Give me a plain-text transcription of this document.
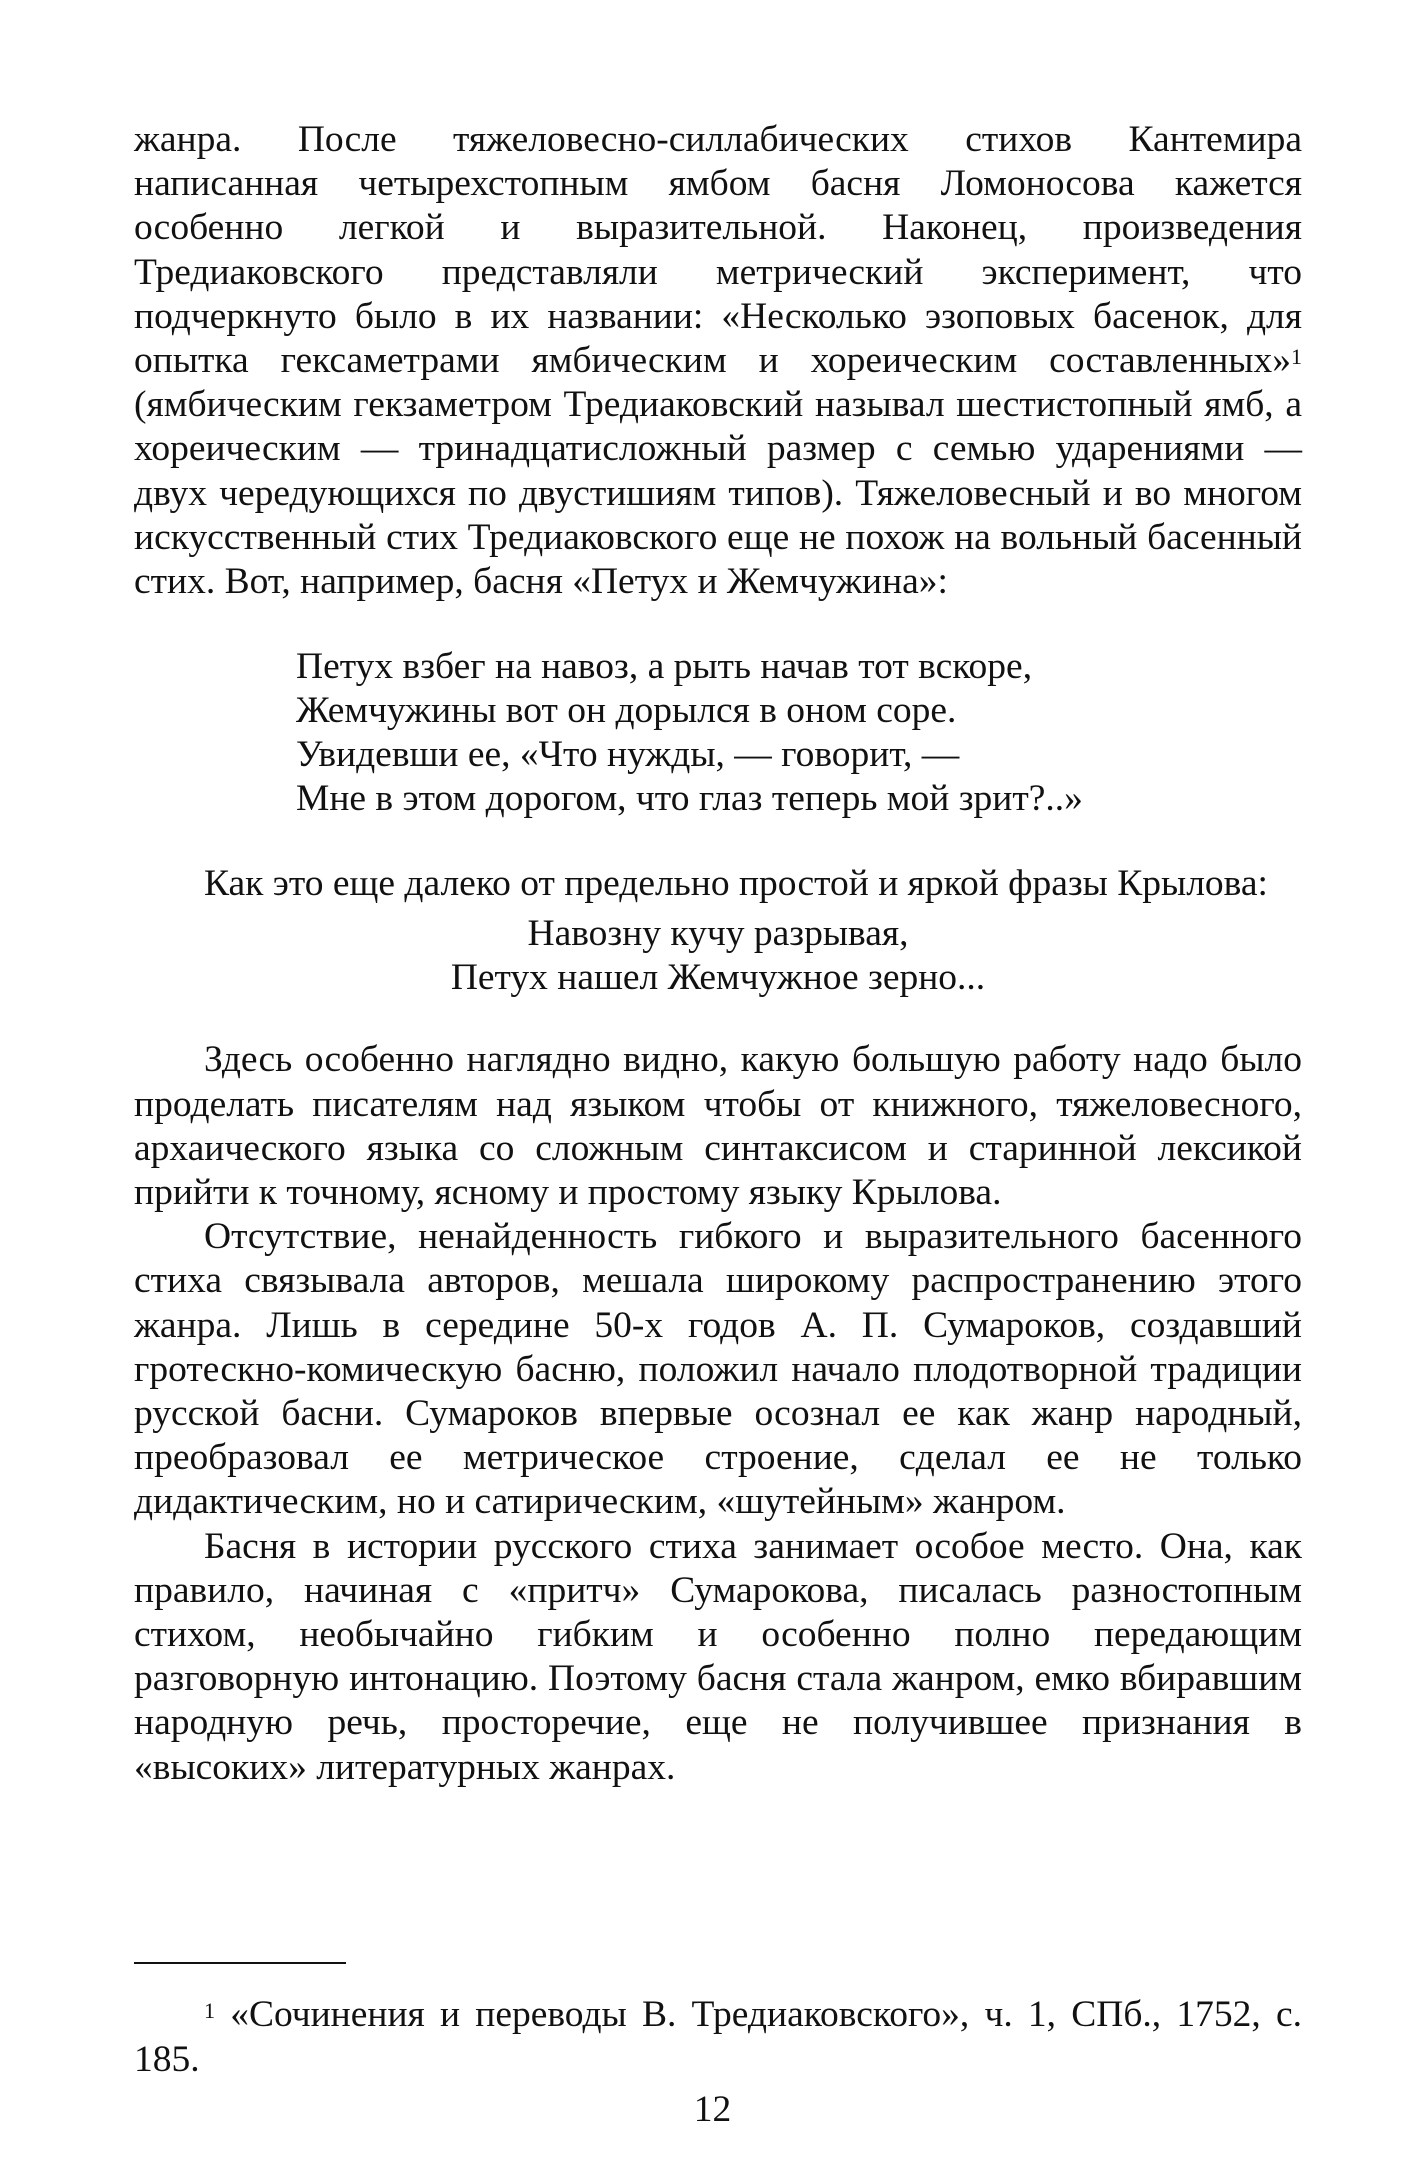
жанра. После тяжеловесно-силлабических стихов Кантемира написанная четырехстопным ямбом басня Ломоносова кажется особенно легкой и выразительной. Наконец, произведения Тредиаковского представляли метрический эксперимент, что подчеркнуто было в их названии: «Несколько эзоповых басенок, для опытка гексаметрами ямбическим и хореическим составленных»$^1$ (ямбическим гекзаметром Тредиаковский называл шестистопный ямб, а хореическим — тринадцатисложный размер с семью ударениями — двух чередующихся по двустишиям типов). Тяжеловесный и во многом искусственный стих Тредиаковского еще не похож на вольный басенный стих. Вот, например, басня «Петух и Жемчужина»:

Петух взбег на навоз, а рыть начав тот вскоре,
Жемчужины вот он дорылся в оном соре.
Увидевши ее, «Что нужды, — говорит, —
Мне в этом дорогом, что глаз теперь мой зрит?..»

Как это еще далеко от предельно простой и яркой фразы Крылова:

Навозну кучу разрывая,
Петух нашел Жемчужное зерно...

Здесь особенно наглядно видно, какую большую работу надо было проделать писателям над языком чтобы от книжного, тяжеловесного, архаического языка со сложным синтаксисом и старинной лексикой прийти к точному, ясному и простому языку Крылова.

Отсутствие, ненайденность гибкого и выразительного басенного стиха связывала авторов, мешала широкому распространению этого жанра. Лишь в середине 50-х годов А. П. Сумароков, создавший гротескно-комическую басню, положил начало плодотворной традиции русской басни. Сумароков впервые осознал ее как жанр народный, преобразовал ее метрическое строение, сделал ее не только дидактическим, но и сатирическим, «шутейным» жанром.

Басня в истории русского стиха занимает особое место. Она, как правило, начиная с «притч» Сумарокова, писалась разностопным стихом, необычайно гибким и особенно полно передающим разговорную интонацию. Поэтому басня стала жанром, емко вбиравшим народную речь, просторечие, еще не получившее признания в «высоких» литературных жанрах.

$^1$ «Сочинения и переводы В. Тредиаковского», ч. 1, СПб., 1752, с. 185.

12
